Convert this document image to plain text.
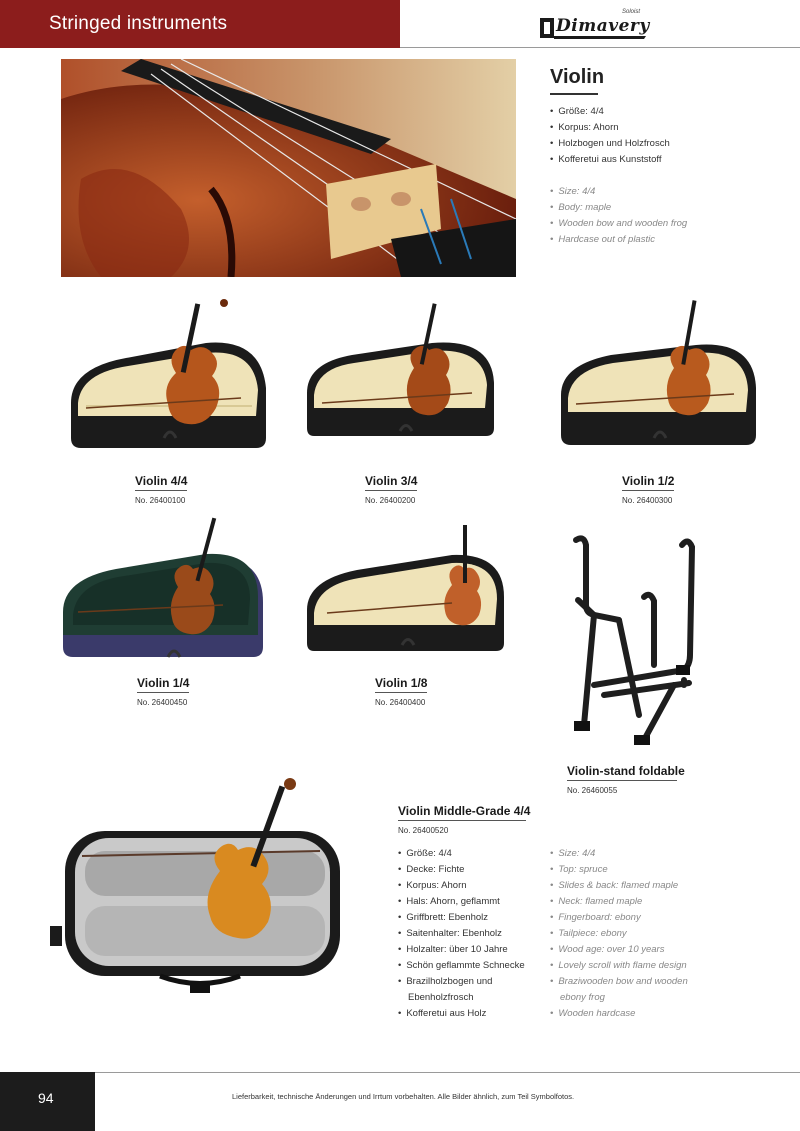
Stringed instruments	Dimavery
Soloist
Violin
• Größe: 4/4
• Korpus: Ahorn
• Holzbogen und Holzfrosch
• Kofferetui aus Kunststoff
• Size: 4/4
• Body: maple
• Wooden bow and wooden frog
• Hardcase out of plastic
Violin 4/4
No. 26400100
Violin 3/4
No. 26400200
Violin 1/2
No. 26400300
Violin 1/4
No. 26400450
Violin 1/8
No. 26400400
Violin-stand foldable
No. 26460055
Violin Middle-Grade 4/4
No. 26400520
• Größe: 4/4
• Decke: Fichte
• Korpus: Ahorn
• Hals: Ahorn, geflammt
• Griffbrett: Ebenholz
• Saitenhalter: Ebenholz
• Holzalter: über 10 Jahre
• Schön geflammte Schnecke
• Brazilholzbogen und
Ebenholzfrosch
• Kofferetui aus Holz
• Size: 4/4
• Top: spruce
• Slides & back: flamed maple
• Neck: flamed maple
• Fingerboard: ebony
• Tailpiece: ebony
• Wood age: over 10 years
• Lovely scroll with flame design
• Braziwooden bow and wooden
ebony frog
• Wooden hardcase
94	Lieferbarkeit, technische Änderungen und Irrtum vorbehalten. Alle Bilder ähnlich, zum Teil Symbolfotos.
